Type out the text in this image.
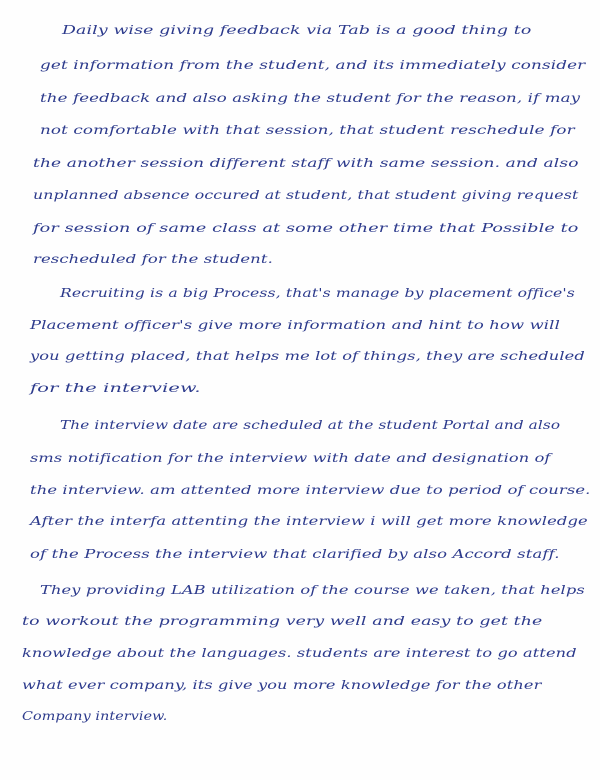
Daily wise giving feedback via Tab is a good thing to
get information from the student, and its immediately consider
the feedback and also asking the student for the reason, if may
not comfortable with that session, that student reschedule for
the another session different staff with same session. and also
unplanned absence occured at student, that student giving request
for session of same class at some other time that Possible to
rescheduled for the student.
Recruiting is a big Process, that's manage by placement office's
Placement officer's give more information and hint to how will
you getting placed, that helps me lot of things, they are scheduled
for the interview.
The interview date are scheduled at the student Portal and also
sms notification for the interview with date and designation of
the interview. am attented more interview due to period of course.
After the interfa attenting the interview i will get more knowledge
of the Process the interview that clarified by also Accord staff.
They providing LAB utilization of the course we taken, that helps
to workout the programming very well and easy to get the
knowledge about the languages. students are interest to go attend
what ever company, its give you more knowledge for the other
Company interview.
